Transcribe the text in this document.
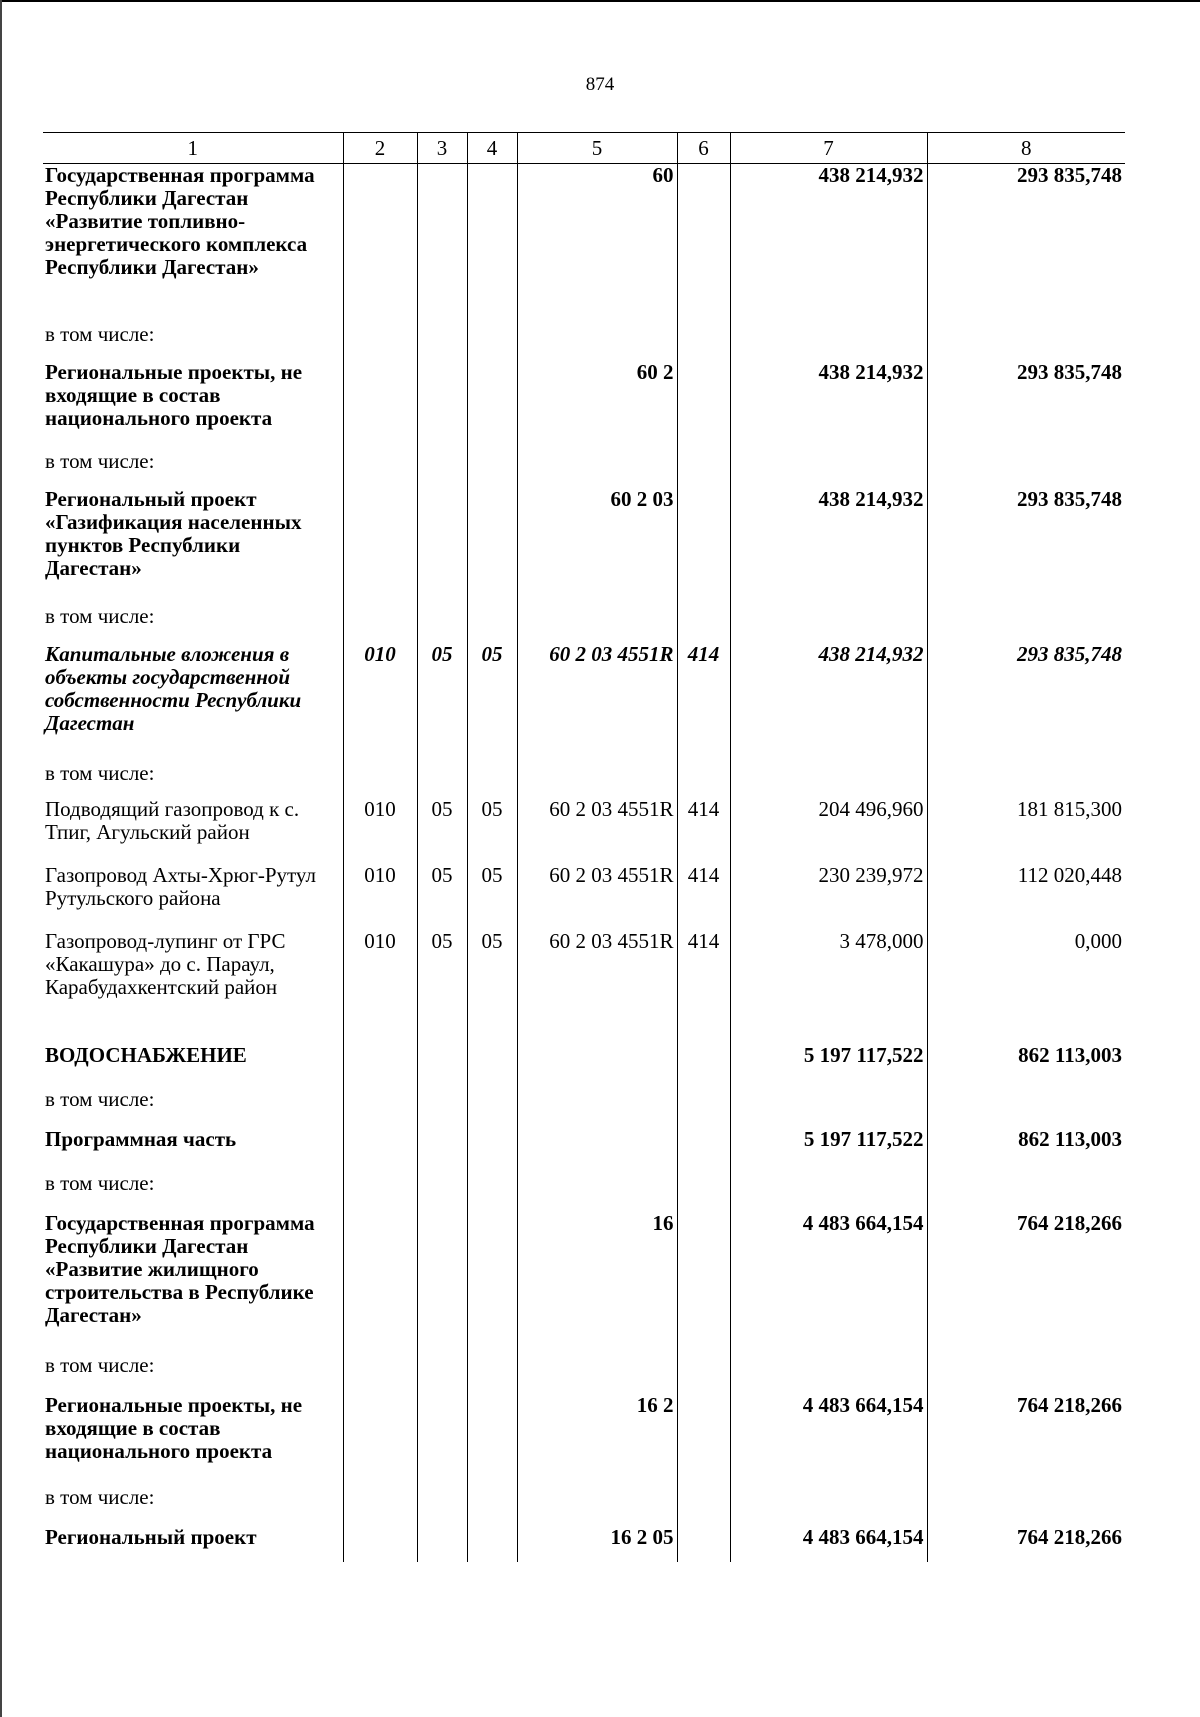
874
1	2	3	4	5	6	7	8
Государственная программа Республики Дагестан «Развитие топливно-энергетического комплекса Республики Дагестан»				60		438 214,932	293 835,748
в том числе:							
Региональные проекты, не входящие в состав национального проекта				60 2		438 214,932	293 835,748
в том числе:							
Региональный проект «Газификация населенных пунктов Республики Дагестан»				60 2 03		438 214,932	293 835,748
в том числе:							
Капитальные вложения в объекты государственной собственности Республики Дагестан	010	05	05	60 2 03 4551R	414	438 214,932	293 835,748
в том числе:							
Подводящий газопровод к с. Тпиг, Агульский район	010	05	05	60 2 03 4551R	414	204 496,960	181 815,300
Газопровод Ахты-Хрюг-Рутул Рутульского района	010	05	05	60 2 03 4551R	414	230 239,972	112 020,448
Газопровод-лупинг от ГРС «Какашура» до с. Параул, Карабудахкентский район	010	05	05	60 2 03 4551R	414	3 478,000	0,000
ВОДОСНАБЖЕНИЕ						5 197 117,522	862 113,003
в том числе:							
Программная часть						5 197 117,522	862 113,003
в том числе:							
Государственная программа Республики Дагестан «Развитие жилищного строительства в Республике Дагестан»				16		4 483 664,154	764 218,266
в том числе:							
Региональные проекты, не входящие в состав национального проекта				16 2		4 483 664,154	764 218,266
в том числе:							
Региональный проект				16 2 05		4 483 664,154	764 218,266
